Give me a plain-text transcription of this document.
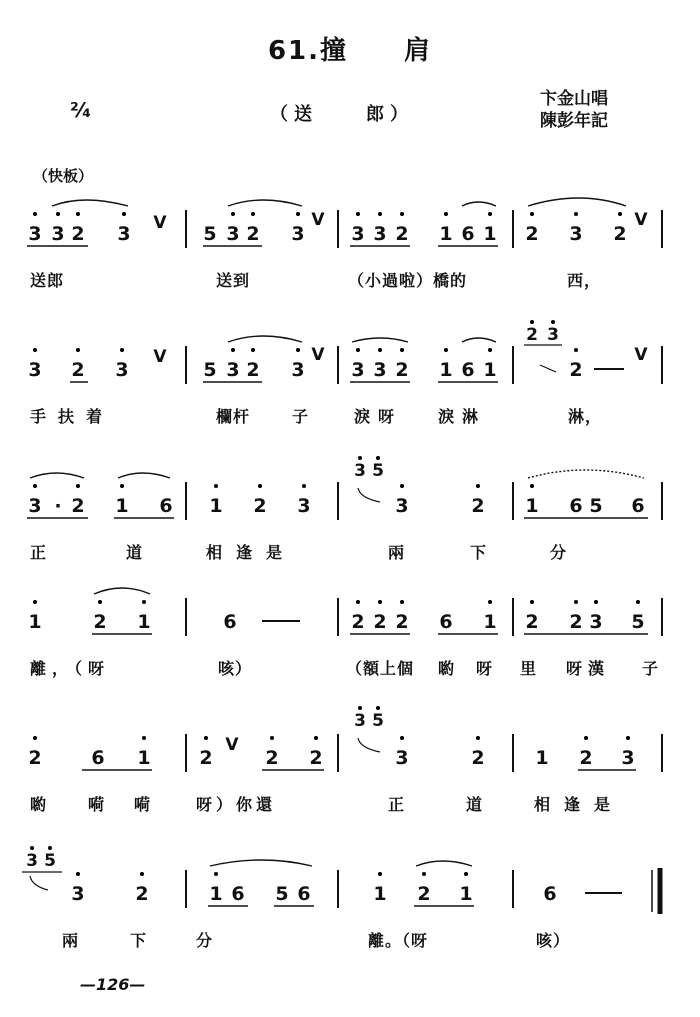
61.撞　　肩
²⁄₄	（送　　郎）
卞金山唱
陳彭年記
（快板）
3 3 2 3 V 5 3 2 3
V
3 3 2 1 6 1 2 3 2
V
3 2 3
V
5 3 2 3
V
3 3 2 1 6 1
2 3
2
V
3 · 2 1 6 1 2 3
3 5
3	2 1 6 5 6
1	2 1	6	2 2 2 6 1 2 2 3 5
2	6 1	2
V
2 2
3 5
3	2	1 2 3
3 5
3	2	1 6 5 6	1 2 1	6
送郎	送到	（小過啦）橋的	西，
手扶着	欄杆	子	淚呀 淚淋	淋，
正	道	相逢是	兩	下	分
離，（呀	咳）	（額上個 喲 呀 里 呀漢 子
喲	嗬 嗬	呀）你還	正	道	相逢是
兩	下	分	離。（呀	咳）
—126—
